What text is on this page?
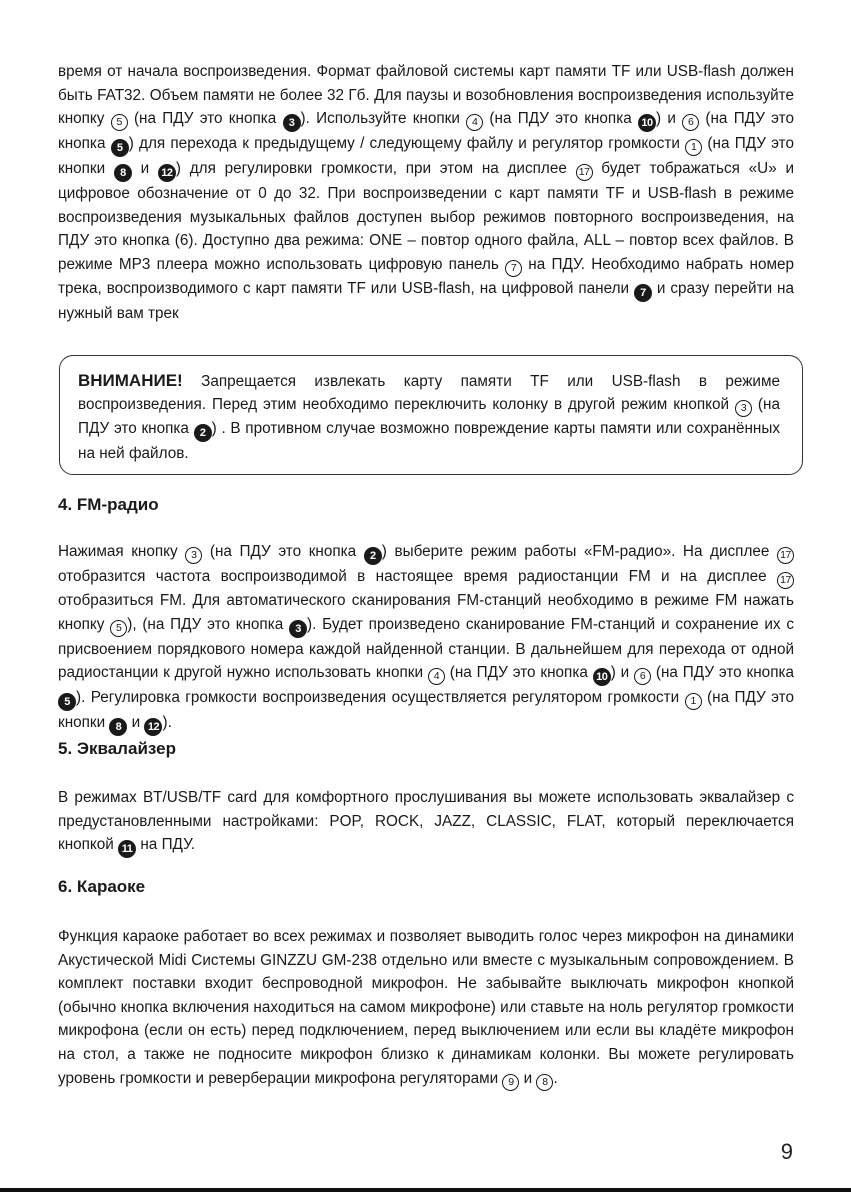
время от начала воспроизведения. Формат файловой системы карт памяти TF или USB-flash должен быть FAT32. Объем памяти не более 32 Гб. Для паузы и возобновления воспроизведения используйте кнопку 5 (на ПДУ это кнопка 3 ). Используйте кнопки 4 (на ПДУ это кнопка 10 ) и 6 (на ПДУ это кнопка 5 ) для перехода к предыдущему / следующему файлу и регулятор громкости 1 (на ПДУ это кнопки 8 и 12 ) для регулировки громкости, при этом на дисплее 17 будет тображаться «U» и цифровое обозначение от 0 до 32. При воспроизведении с карт памяти TF и USB-flash в режиме воспроизведения музыкальных файлов доступен выбор режимов повторного воспроизведения, на ПДУ это кнопка (6). Доступно два режима: ONE – повтор одного файла, ALL – повтор всех файлов. В режиме MP3 плеера можно использовать цифровую панель 7 на ПДУ. Необходимо набрать номер трека, воспроизводимого с карт памяти TF или USB-flash, на цифровой панели 7 и сразу перейти на нужный вам трек

ВНИМАНИЕ! Запрещается извлекать карту памяти TF или USB-flash в режиме воспроизведения. Перед этим необходимо переключить колонку в другой режим кнопкой 3 (на ПДУ это кнопка 2 ) . В противном случае возможно повреждение карты памяти или сохранённых на ней файлов.

4. FM-радио

Нажимая кнопку 3 (на ПДУ это кнопка 2 ) выберите режим работы «FM-радио». На дисплее 17 отобразится частота воспроизводимой в настоящее время радиостанции FM и на дисплее 17 отобразиться FM. Для автоматического сканирования FM-станций необходимо в режиме FM нажать кнопку 5 ), (на ПДУ это кнопка 3 ). Будет произведено сканирование FM-станций и сохранение их с присвоением порядкового номера каждой найденной станции. В дальнейшем для перехода от одной радиостанции к другой нужно использовать кнопки 4 (на ПДУ это кнопка 10 ) и 6 (на ПДУ это кнопка 5 ). Регулировка громкости воспроизведения осуществляется регулятором громкости 1 (на ПДУ это кнопки 8 и 12 ).

5. Эквалайзер

В режимах BT/USB/TF card для комфортного прослушивания вы можете использовать эквалайзер с предустановленными настройками: POP, ROCK, JAZZ, CLASSIC, FLAT, который переключается кнопкой 11 на ПДУ.

6. Караоке

Функция караоке работает во всех режимах и позволяет выводить голос через микрофон на динамики Акустической Midi Системы GINZZU GM-238 отдельно или вместе с музыкальным сопровождением. В комплект поставки входит беспроводной микрофон. Не забывайте выключать микрофон кнопкой (обычно кнопка включения находиться на самом микрофоне) или ставьте на ноль регулятор громкости микрофона (если он есть) перед подключением, перед выключением или если вы кладёте микрофон на стол, а также не подносите микрофон близко к динамикам колонки. Вы можете регулировать уровень громкости и реверберации микрофона регуляторами 9 и 8 .

9
